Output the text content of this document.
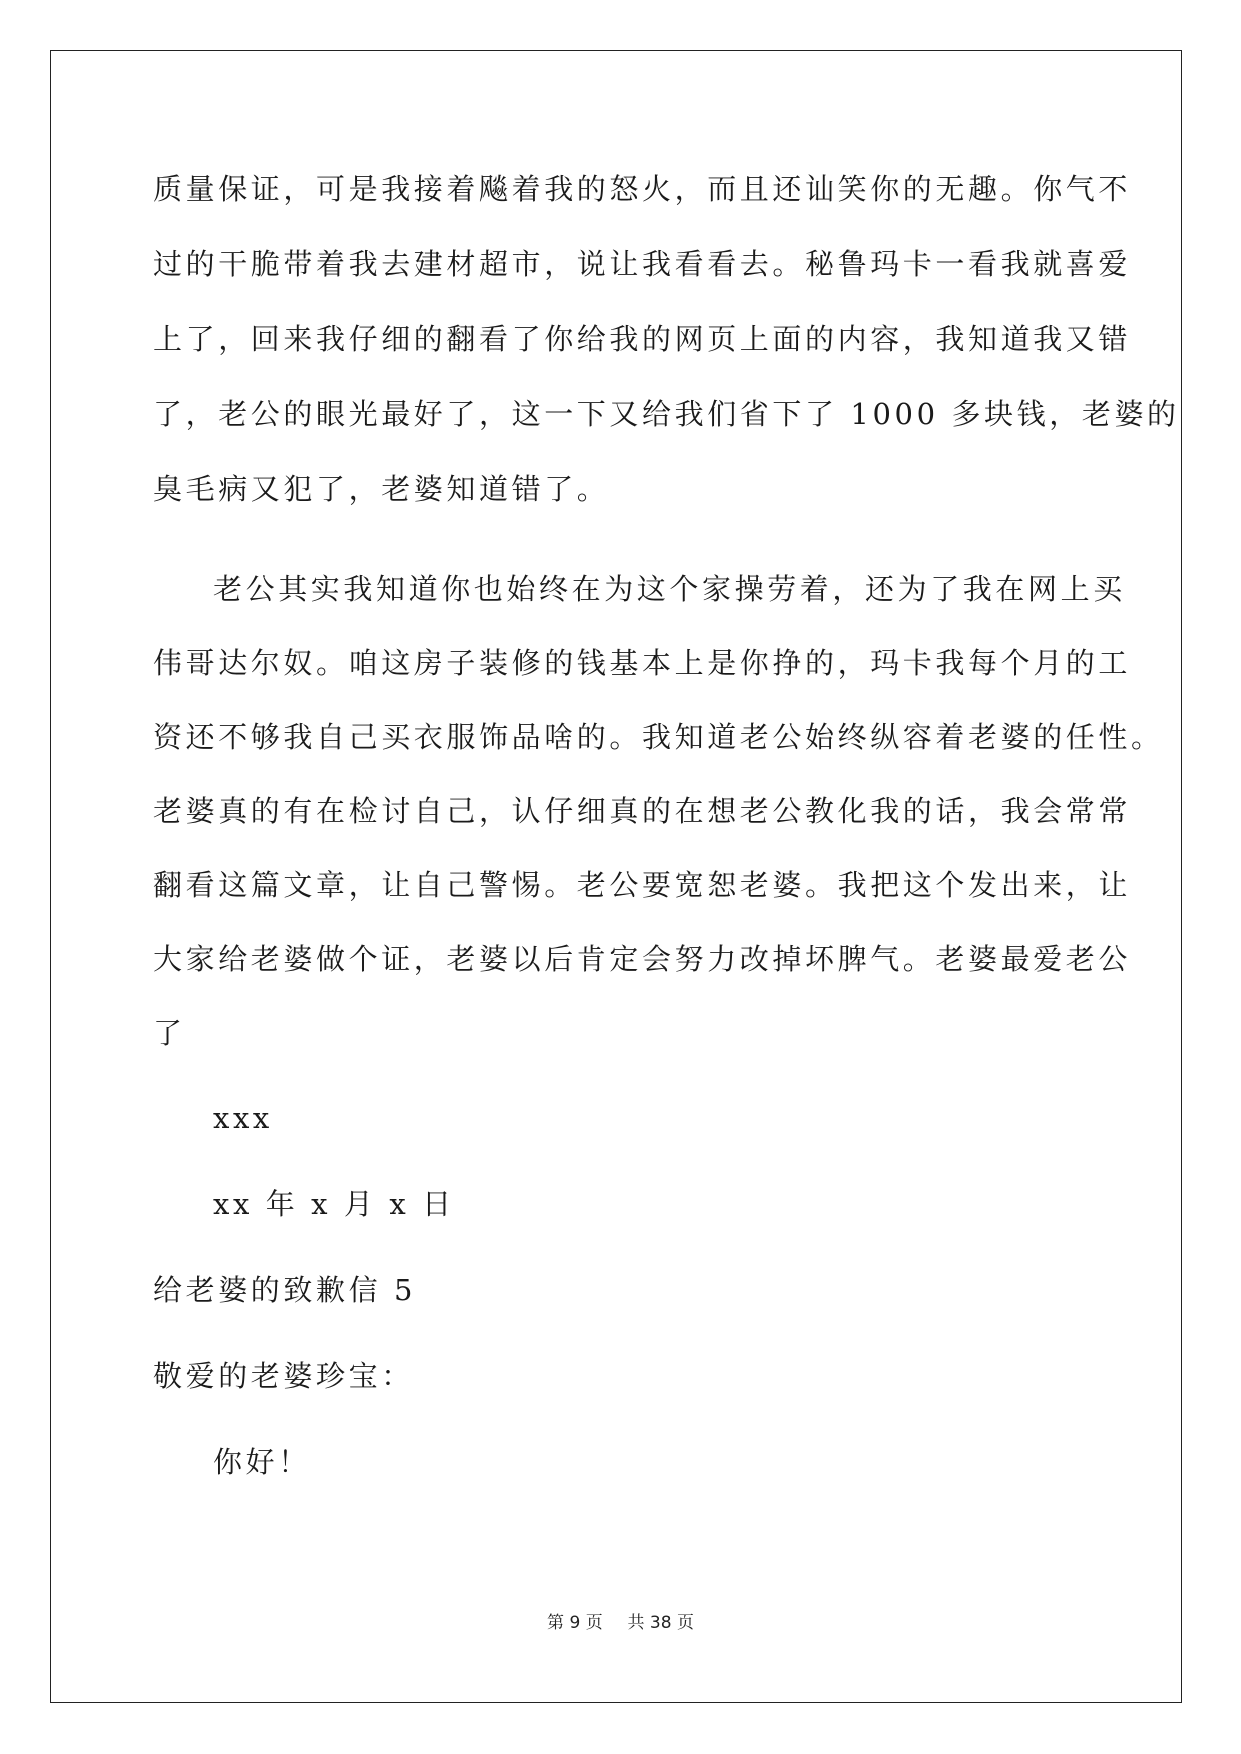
质量保证，可是我接着飚着我的怒火，而且还讪笑你的无趣。你气不
过的干脆带着我去建材超市，说让我看看去。秘鲁玛卡一看我就喜爱
上了，回来我仔细的翻看了你给我的网页上面的内容，我知道我又错
了，老公的眼光最好了，这一下又给我们省下了 1000 多块钱，老婆的
臭毛病又犯了，老婆知道错了。
老公其实我知道你也始终在为这个家操劳着，还为了我在网上买
伟哥达尔奴。咱这房子装修的钱基本上是你挣的，玛卡我每个月的工
资还不够我自己买衣服饰品啥的。我知道老公始终纵容着老婆的任性。
老婆真的有在检讨自己，认仔细真的在想老公教化我的话，我会常常
翻看这篇文章，让自己警惕。老公要宽恕老婆。我把这个发出来，让
大家给老婆做个证，老婆以后肯定会努力改掉坏脾气。老婆最爱老公
了
xxx
xx 年 x 月 x 日
给老婆的致歉信 5
敬爱的老婆珍宝：
你好！
第 9 页 共 38 页
